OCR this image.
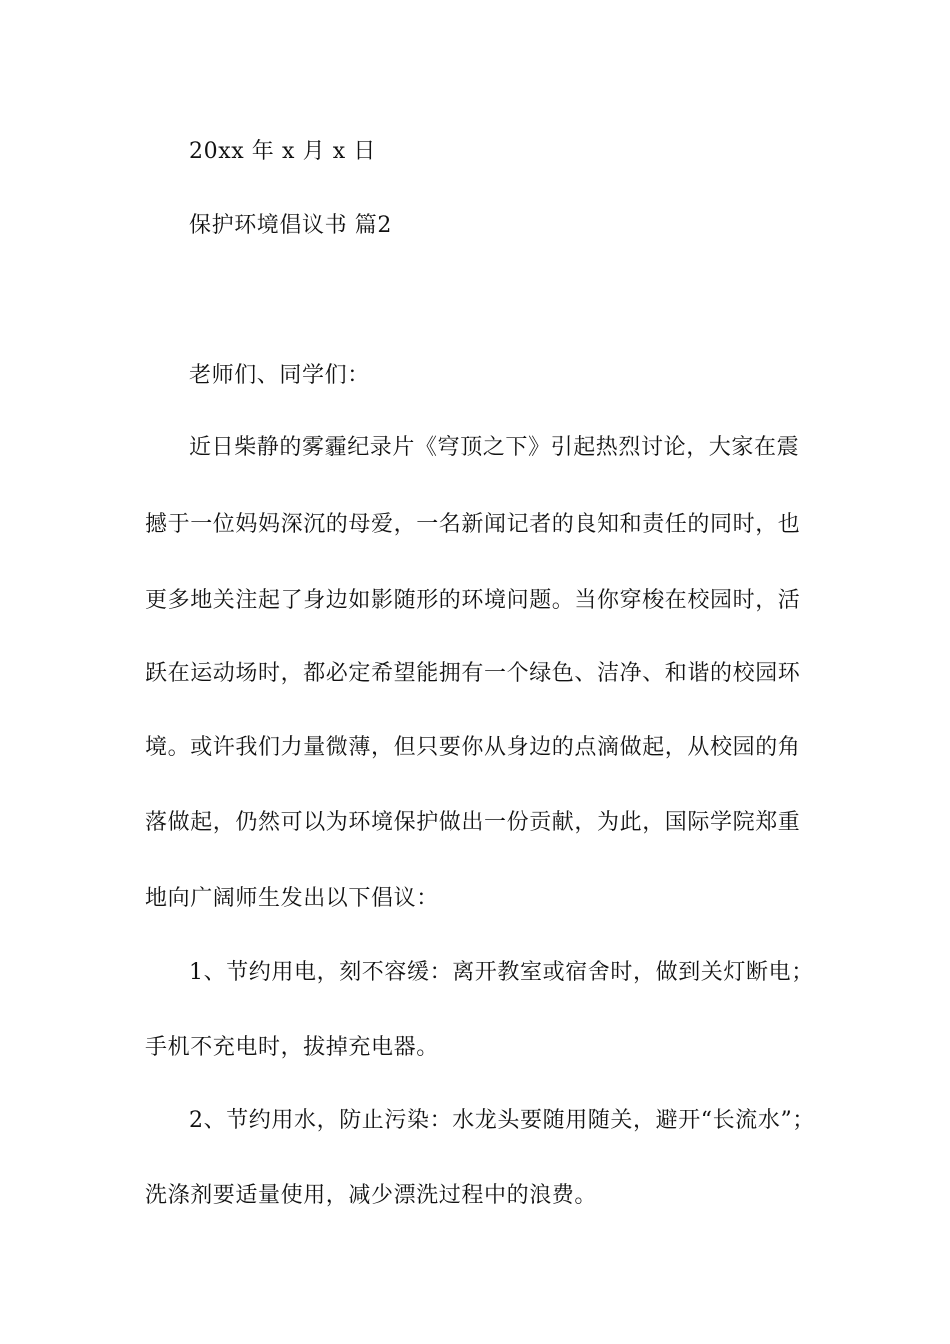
20xx 年 x 月 x 日
保护环境倡议书 篇2
老师们、同学们：
近日柴静的雾霾纪录片《穹顶之下》引起热烈讨论，大家在震
撼于一位妈妈深沉的母爱，一名新闻记者的良知和责任的同时，也
更多地关注起了身边如影随形的环境问题。当你穿梭在校园时，活
跃在运动场时，都必定希望能拥有一个绿色、洁净、和谐的校园环
境。或许我们力量微薄，但只要你从身边的点滴做起，从校园的角
落做起，仍然可以为环境保护做出一份贡献，为此，国际学院郑重
地向广阔师生发出以下倡议：
1、节约用电，刻不容缓：离开教室或宿舍时，做到关灯断电；
手机不充电时，拔掉充电器。
2、节约用水，防止污染：水龙头要随用随关，避开“长流水”；
洗涤剂要适量使用，减少漂洗过程中的浪费。
